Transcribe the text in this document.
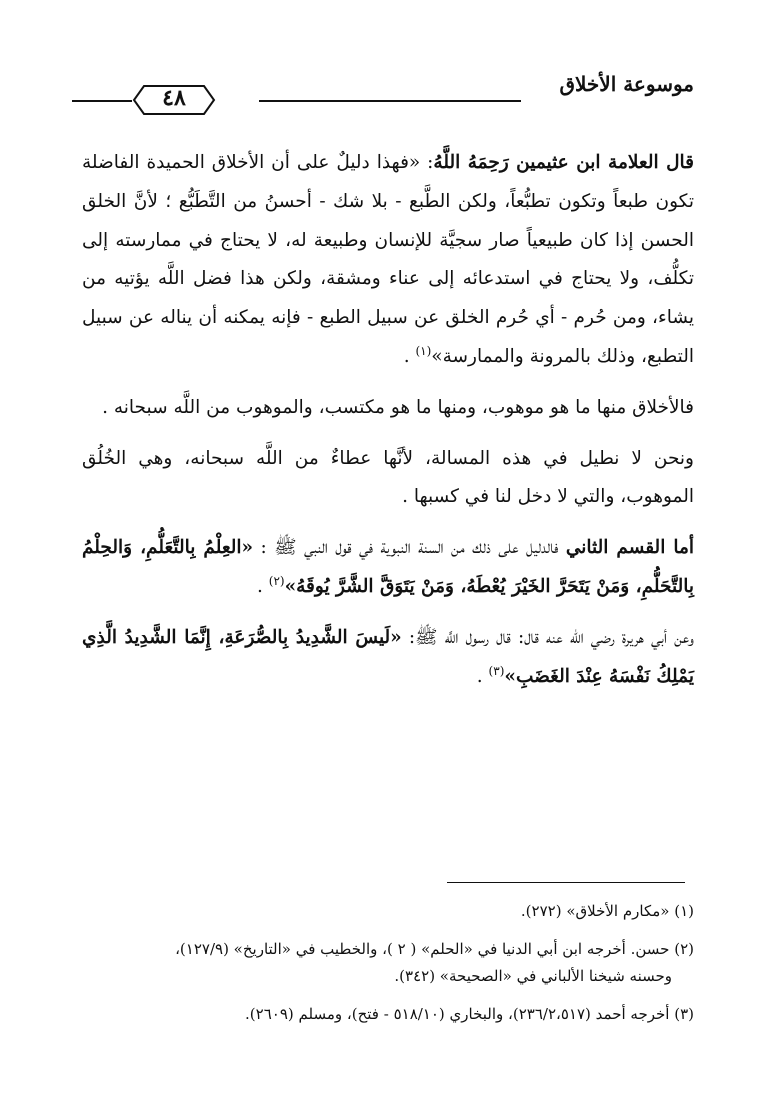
موسوعة الأخلاق
٤٨

قال العلامة ابن عثيمين رَحِمَهُ اللَّهُ: «فهذا دليلٌ على أن الأخلاق الحميدة الفاضلة تكون طبعاً وتكون تطبُّعاً، ولكن الطَّبع - بلا شك - أحسنُ من التَّطَبُّع ؛ لأنَّ الخلق الحسن إذا كان طبيعياً صار سجيَّة للإنسان وطبيعة له، لا يحتاج في ممارسته إلى تكلُّف، ولا يحتاج في استدعائه إلى عناء ومشقة، ولكن هذا فضل اللَّه يؤتيه من يشاء، ومن حُرم - أي حُرم الخلق عن سبيل الطبع - فإنه يمكنه أن يناله عن سبيل التطبع، وذلك بالمرونة والممارسة»$^{(١)}$ .

فالأخلاق منها ما هو موهوب، ومنها ما هو مكتسب، والموهوب من اللَّه سبحانه .

ونحن لا نطيل في هذه المسالة، لأنَّها عطاءٌ من اللَّه سبحانه، وهي الخُلُق الموهوب، والتي لا دخل لنا في كسبها .

أما القسم الثاني فالدليل على ذلك من السنة النبوية في قول النبي ﷺ : «العِلْمُ بِالتَّعَلُّمِ، وَالحِلْمُ بِالتَّحَلُّمِ، وَمَنْ يَتَحَرَّ الخَيْرَ يُعْطَهُ، وَمَنْ يَتَوَقَّ الشَّرَّ يُوقَهُ»$^{(٢)}$ .

وعن أبي هريرة رضي الله عنه قال: قال رسول اللَّه ﷺ: «لَيسَ الشَّدِيدُ بِالصُّرَعَةِ، إِنَّمَا الشَّدِيدُ الَّذِي يَمْلِكُ نَفْسَهُ عِنْدَ الغَضَبِ»$^{(٣)}$ .

(١) «مكارم الأخلاق» (٢٧٢).

(٢) حسن. أخرجه ابن أبي الدنيا في «الحلم» ( ٢ )، والخطيب في «التاريخ» (١٢٧/٩)،
وحسنه شيخنا الألباني في «الصحيحة» (٣٤٢).

(٣) أخرجه أحمد (٢٣٦/٢،٥١٧)، والبخاري (٥١٨/١٠ - فتح)، ومسلم (٢٦٠٩).
